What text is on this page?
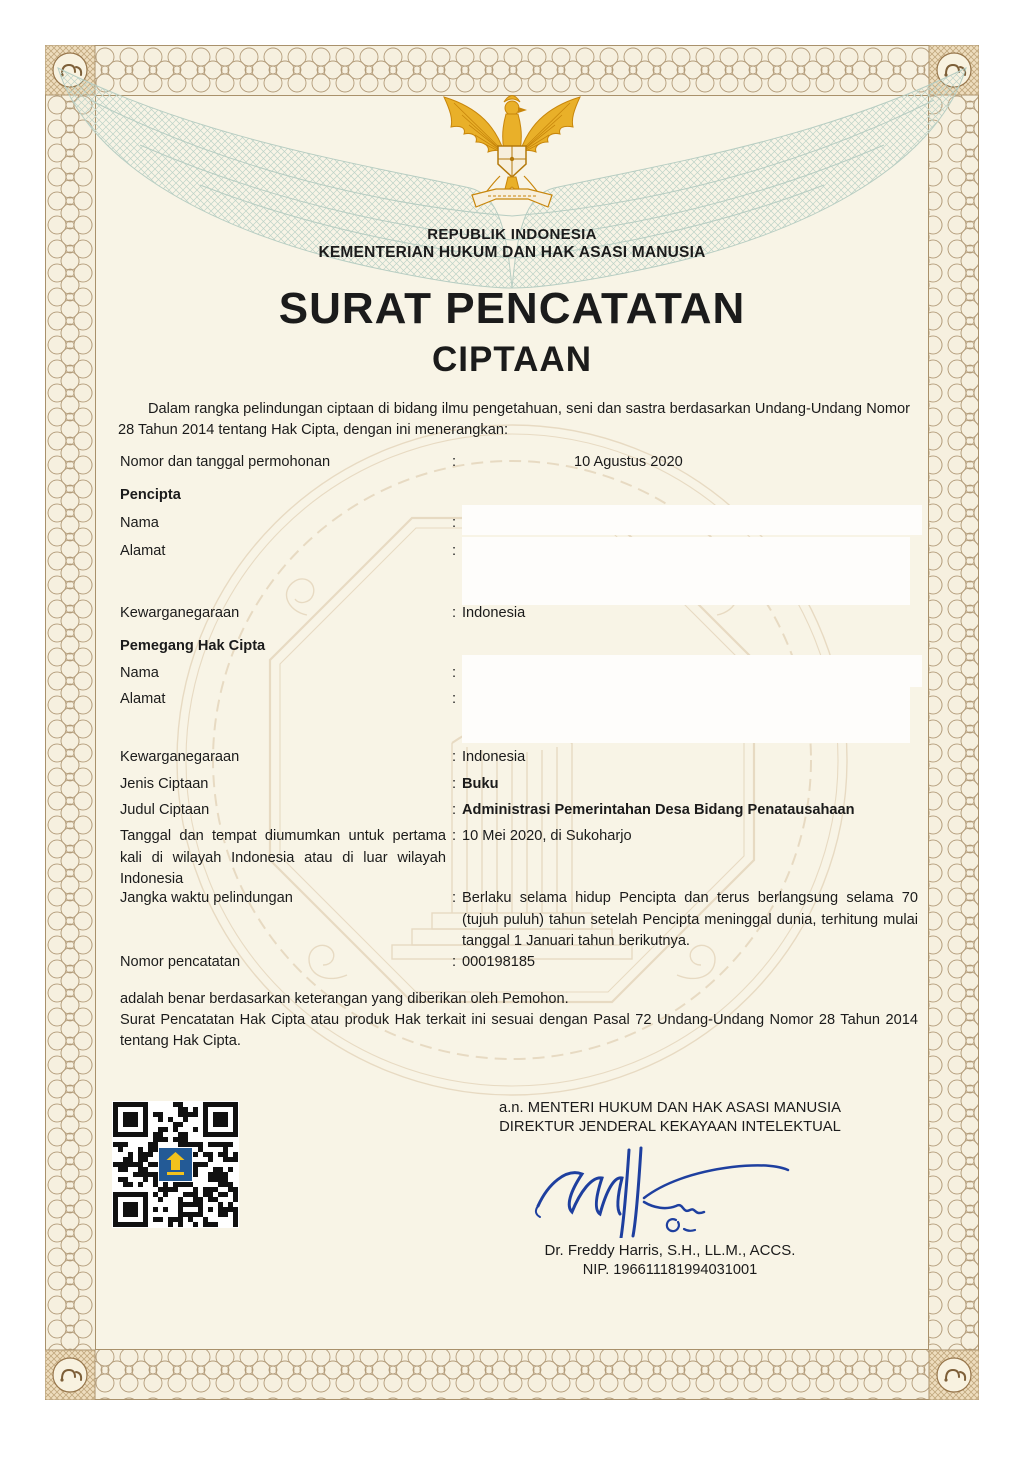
REPUBLIK INDONESIA
KEMENTERIAN HUKUM DAN HAK ASASI MANUSIA
SURAT PENCATATAN
CIPTAAN
Dalam rangka pelindungan ciptaan di bidang ilmu pengetahuan, seni dan sastra berdasarkan Undang-Undang Nomor 28 Tahun 2014 tentang Hak Cipta, dengan ini menerangkan:
Nomor dan tanggal permohonan	:	10 Agustus 2020
Pencipta
Nama	:
Alamat	:
Kewarganegaraan	: Indonesia
Pemegang Hak Cipta
Nama	:
Alamat	:
Kewarganegaraan	: Indonesia
Jenis Ciptaan	: Buku
Judul Ciptaan	: Administrasi Pemerintahan Desa Bidang Penatausahaan
Tanggal dan tempat diumumkan untuk pertama kali di wilayah Indonesia atau di luar wilayah Indonesia
: 10 Mei 2020, di Sukoharjo
Jangka waktu pelindungan	: Berlaku selama hidup Pencipta dan terus berlangsung selama 70 (tujuh puluh) tahun setelah Pencipta meninggal dunia, terhitung mulai tanggal 1 Januari tahun berikutnya.
Nomor pencatatan	: 000198185
adalah benar berdasarkan keterangan yang diberikan oleh Pemohon.
Surat Pencatatan Hak Cipta atau produk Hak terkait ini sesuai dengan Pasal 72 Undang-Undang Nomor 28 Tahun 2014 tentang Hak Cipta.
a.n. MENTERI HUKUM DAN HAK ASASI MANUSIA
DIREKTUR JENDERAL KEKAYAAN INTELEKTUAL
Dr. Freddy Harris, S.H., LL.M., ACCS.
NIP. 196611181994031001
